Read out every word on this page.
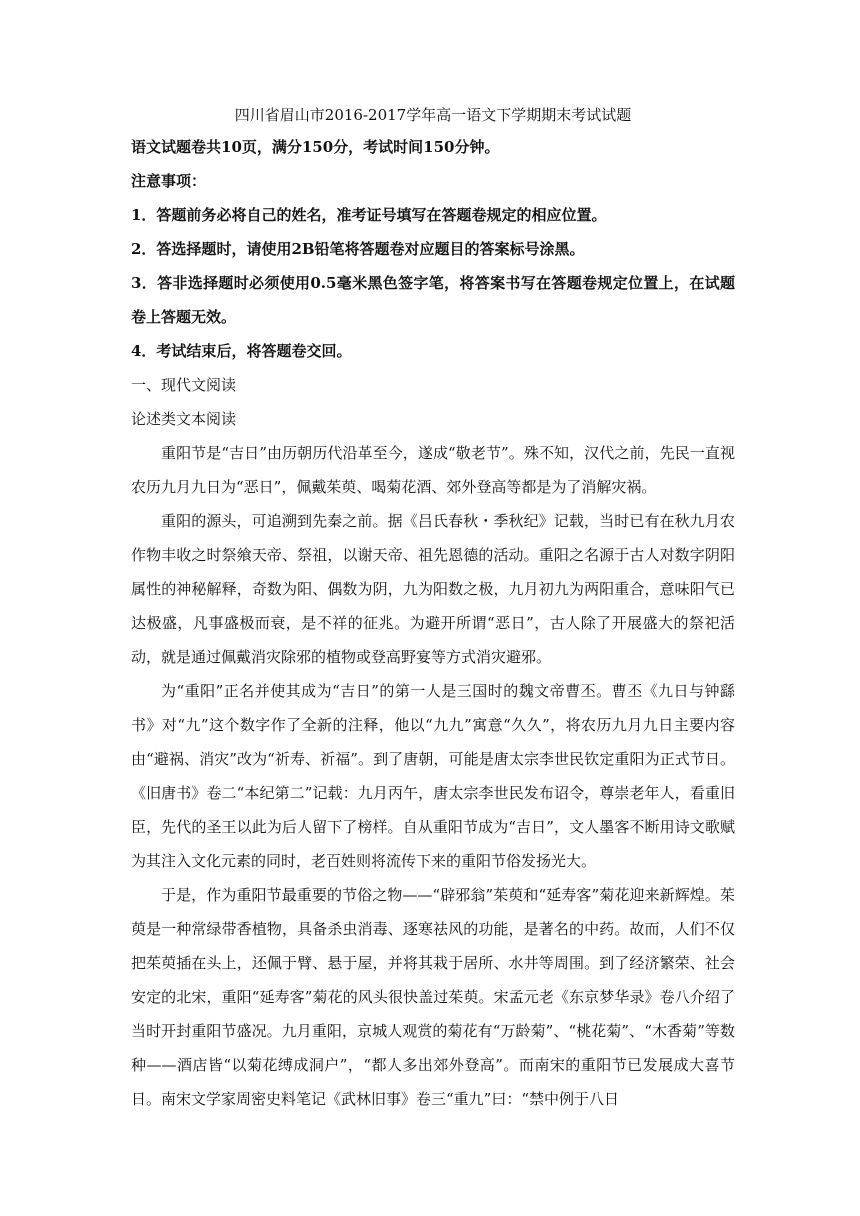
四川省眉山市2016-2017学年高一语文下学期期末考试试题

语文试题卷共10页，满分150分，考试时间150分钟。

注意事项：

1．答题前务必将自己的姓名，准考证号填写在答题卷规定的相应位置。

2．答选择题时，请使用2B铅笔将答题卷对应题目的答案标号涂黑。

3．答非选择题时必须使用0.5毫米黑色签字笔，将答案书写在答题卷规定位置上，在试题卷上答题无效。

4．考试结束后，将答题卷交回。

一、现代文阅读

论述类文本阅读

重阳节是“吉日”由历朝历代沿革至今，遂成“敬老节”。殊不知，汉代之前，先民一直视农历九月九日为“恶日”，佩戴茱萸、喝菊花酒、郊外登高等都是为了消解灾祸。

重阳的源头，可追溯到先秦之前。据《吕氏春秋・季秋纪》记载，当时已有在秋九月农作物丰收之时祭飨天帝、祭祖，以谢天帝、祖先恩德的活动。重阳之名源于古人对数字阴阳属性的神秘解释，奇数为阳、偶数为阴，九为阳数之极，九月初九为两阳重合，意味阳气已达极盛，凡事盛极而衰，是不祥的征兆。为避开所谓“恶日”，古人除了开展盛大的祭祀活动，就是通过佩戴消灾除邪的植物或登高野宴等方式消灾避邪。

为“重阳”正名并使其成为“吉日”的第一人是三国时的魏文帝曹丕。曹丕《九日与钟繇书》对“九”这个数字作了全新的注释，他以“九九”寓意“久久”，将农历九月九日主要内容由“避祸、消灾”改为“祈寿、祈福”。到了唐朝，可能是唐太宗李世民钦定重阳为正式节日。《旧唐书》卷二“本纪第二”记载：九月丙午，唐太宗李世民发布诏令，尊崇老年人，看重旧臣，先代的圣王以此为后人留下了榜样。自从重阳节成为“吉日”，文人墨客不断用诗文歌赋为其注入文化元素的同时，老百姓则将流传下来的重阳节俗发扬光大。

于是，作为重阳节最重要的节俗之物——“辟邪翁”茱萸和“延寿客”菊花迎来新辉煌。茱萸是一种常绿带香植物，具备杀虫消毒、逐寒祛风的功能，是著名的中药。故而，人们不仅把茱萸插在头上，还佩于臂、悬于屋，并将其栽于居所、水井等周围。到了经济繁荣、社会安定的北宋，重阳“延寿客”菊花的风头很快盖过茱萸。宋孟元老《东京梦华录》卷八介绍了当时开封重阳节盛况。九月重阳，京城人观赏的菊花有“万龄菊”、“桃花菊”、“木香菊”等数种——酒店皆“以菊花缚成洞户”，“都人多出郊外登高”。而南宋的重阳节已发展成大喜节日。南宋文学家周密史料笔记《武林旧事》卷三“重九”曰：“禁中例于八日
